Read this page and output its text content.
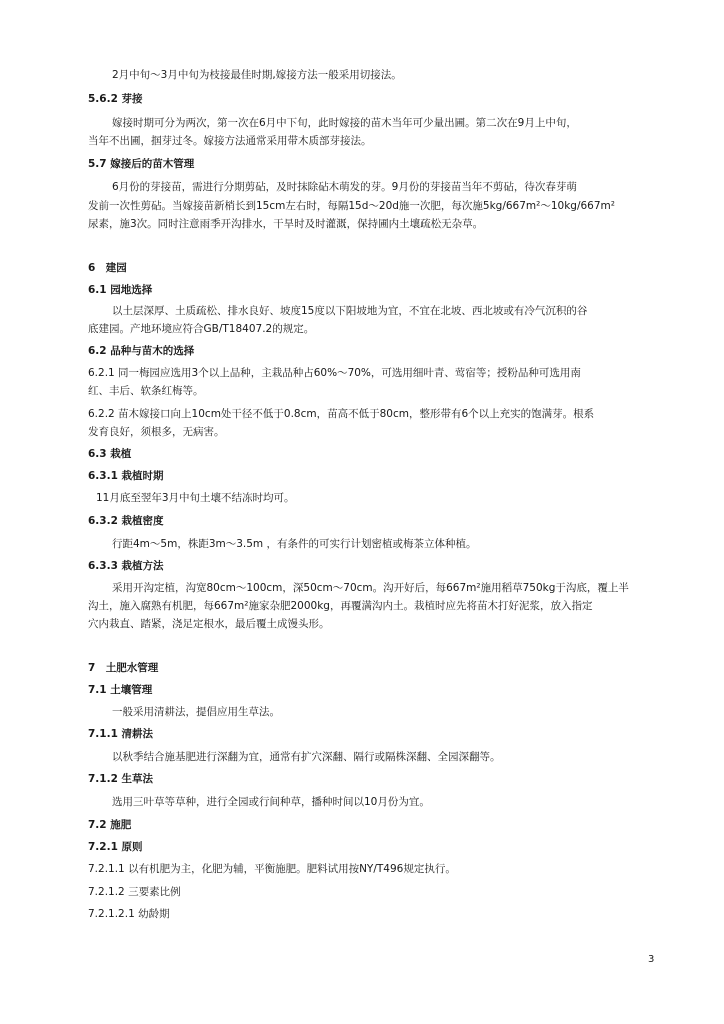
2月中旬～3月中旬为枝接最佳时期,嫁接方法一般采用切接法。
5.6.2 芽接
嫁接时期可分为两次，第一次在6月中下旬，此时嫁接的苗木当年可少量出圃。第二次在9月上中旬，
当年不出圃，掴芽过冬。嫁接方法通常采用带木质部芽接法。
5.7 嫁接后的苗木管理
6月份的芽接苗，需进行分期剪砧，及时抹除砧木萌发的芽。9月份的芽接苗当年不剪砧，待次春芽萌
发前一次性剪砧。当嫁接苗新梢长到15cm左右时，每隔15d～20d施一次肥，每次施5kg/667m²～10kg/667m²
尿素，施3次。同时注意雨季开沟排水，干旱时及时灌溉，保持圃内土壤疏松无杂草。
6　建园
6.1 园地选择
以土层深厚、土质疏松、排水良好、坡度15度以下阳坡地为宜，不宜在北坡、西北坡或有冷气沉积的谷
底建园。产地环境应符合GB/T18407.2的规定。
6.2 品种与苗木的选择
6.2.1 同一梅园应选用3个以上品种，主栽品种占60%～70%，可选用细叶青、莺宿等；授粉品种可选用南
红、丰后、软条红梅等。
6.2.2 苗木嫁接口向上10cm处干径不低于0.8cm，苗高不低于80cm，整形带有6个以上充实的饱满芽。根系
发育良好，须根多，无病害。
6.3 栽植
6.3.1 栽植时期
11月底至翌年3月中旬土壤不结冻时均可。
6.3.2 栽植密度
行距4m～5m，株距3m～3.5m ，有条件的可实行计划密植或梅茶立体种植。
6.3.3 栽植方法
采用开沟定植，沟宽80cm～100cm，深50cm～70cm。沟开好后，每667m²施用稻草750kg于沟底，覆上半
沟土，施入腐熟有机肥，每667m²施家杂肥2000kg，再覆满沟内土。栽植时应先将苗木打好泥浆，放入指定
穴内栽直、踏紧，浇足定根水，最后覆土成馒头形。
7　土肥水管理
7.1 土壤管理
一般采用清耕法，提倡应用生草法。
7.1.1 清耕法
以秋季结合施基肥进行深翻为宜，通常有扩穴深翻、隔行或隔株深翻、全园深翻等。
7.1.2 生草法
选用三叶草等草种，进行全园或行间种草，播种时间以10月份为宜。
7.2 施肥
7.2.1 原则
7.2.1.1 以有机肥为主，化肥为辅，平衡施肥。肥料试用按NY/T496规定执行。
7.2.1.2 三要素比例
7.2.1.2.1 幼龄期
3
